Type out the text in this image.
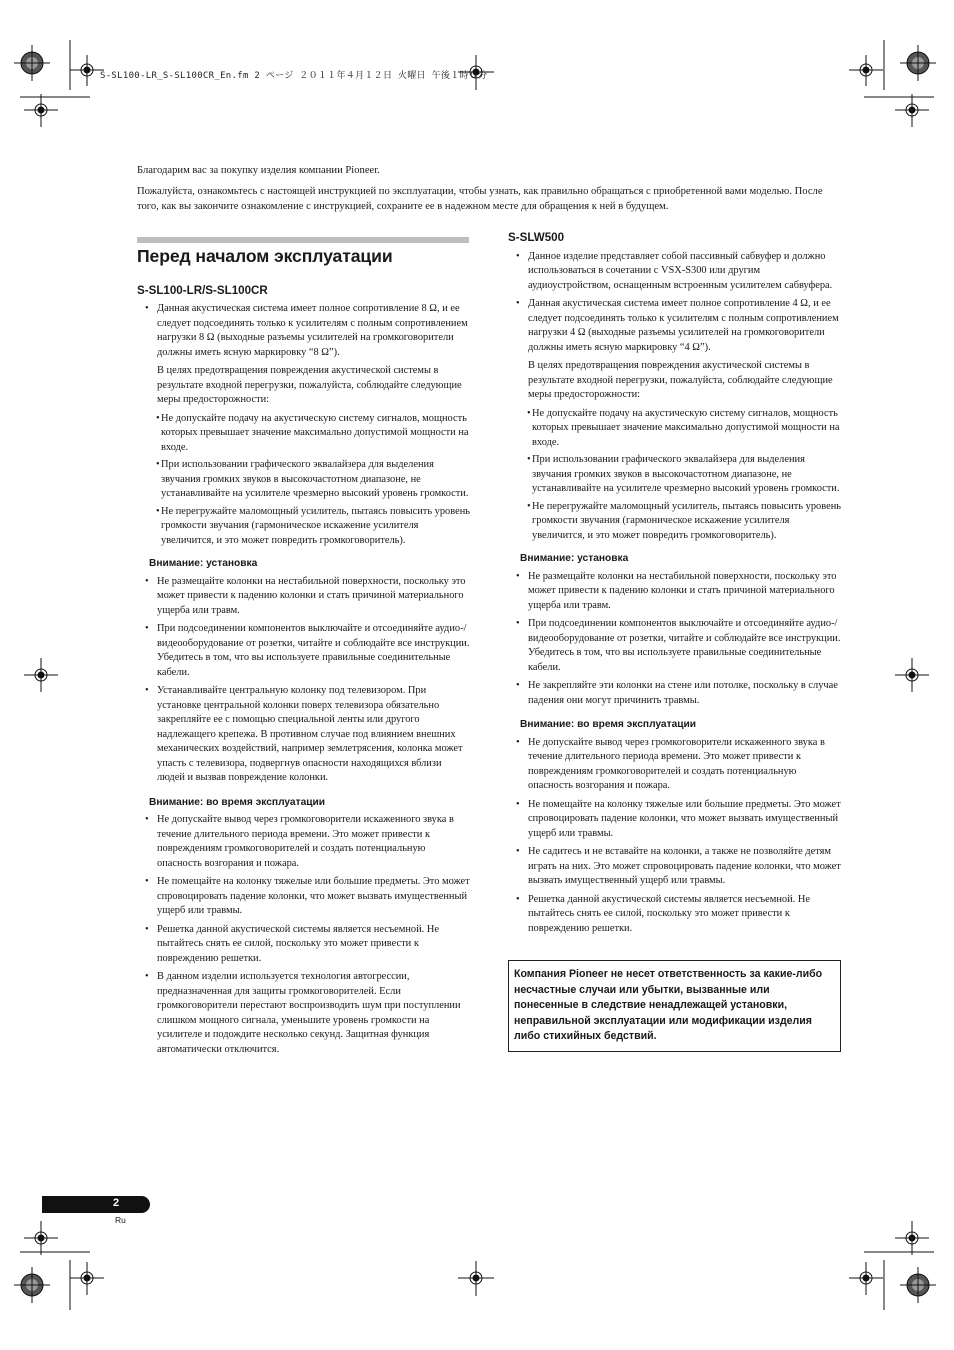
S-SL100-LR_S-SL100CR_En.fm 2 ページ ２０１１年４月１２日 火曜日 午後１時０分

Благодарим вас за покупку изделия компании Pioneer.

Пожалуйста, ознакомьтесь с настоящей инструкцией по эксплуатации, чтобы узнать, как правильно обращаться с приобретенной вами моделью. После того, как вы закончите ознакомление с инструкцией, сохраните ее в надежном месте для обращения к ней в будущем.

Перед началом эксплуатации
S-SL100-LR/S-SL100CR
• Данная акустическая система имеет полное сопротивление 8 Ω, и ее следует подсоединять только к усилителям с полным сопротивлением нагрузки 8 Ω (выходные разъемы усилителей на громкоговорители должны иметь ясную маркировку “8 Ω”).

В целях предотвращения повреждения акустической системы в результате входной перегрузки, пожалуйста, соблюдайте следующие меры предосторожности:

• Не допускайте подачу на акустическую систему сигналов, мощность которых превышает значение максимально допустимой мощности на входе.
• При использовании графического эквалайзера для выделения звучания громких звуков в высокочастотном диапазоне, не устанавливайте на усилителе чрезмерно высокий уровень громкости.
• Не перегружайте маломощный усилитель, пытаясь повысить уровень громкости звучания (гармоническое искажение усилителя увеличится, и это может повредить громкоговоритель).
Внимание: установка
• Не размещайте колонки на нестабильной поверхности, поскольку это может привести к падению колонки и стать причиной материального ущерба или травм.
• При подсоединении компонентов выключайте и отсоединяйте аудио-/видеооборудование от розетки, читайте и соблюдайте все инструкции. Убедитесь в том, что вы используете правильные соединительные кабели.
• Устанавливайте центральную колонку под телевизором. При установке центральной колонки поверх телевизора обязательно закрепляйте ее с помощью специальной ленты или другого надлежащего крепежа. В противном случае под влиянием внешних механических воздействий, например землетрясения, колонка может упасть с телевизора, подвергнув опасности находящихся вблизи людей и вызвав повреждение колонки.
Внимание: во время эксплуатации
• Не допускайте вывод через громкоговорители искаженного звука в течение длительного периода времени. Это может привести к повреждениям громкоговорителей и создать потенциальную опасность возгорания и пожара.
• Не помещайте на колонку тяжелые или большие предметы. Это может спровоцировать падение колонки, что может вызвать имущественный ущерб или травмы.
• Решетка данной акустической системы является несъемной. Не пытайтесь снять ее силой, поскольку это может привести к повреждению решетки.
• В данном изделии используется технология автогрессии, предназначенная для защиты громкоговорителей. Если громкоговорители перестают воспроизводить шум при поступлении слишком мощного сигнала, уменьшите уровень громкости на усилителе и подождите несколько секунд. Защитная функция автоматически отключится.
S-SLW500
• Данное изделие представляет собой пассивный сабвуфер и должно использоваться в сочетании с VSX-S300 или другим аудиоустройством, оснащенным встроенным усилителем сабвуфера.
• Данная акустическая система имеет полное сопротивление 4 Ω, и ее следует подсоединять только к усилителям с полным сопротивлением нагрузки 4 Ω (выходные разъемы усилителей на громкоговорители должны иметь ясную маркировку “4 Ω”).

В целях предотвращения повреждения акустической системы в результате входной перегрузки, пожалуйста, соблюдайте следующие меры предосторожности:

• Не допускайте подачу на акустическую систему сигналов, мощность которых превышает значение максимально допустимой мощности на входе.
• При использовании графического эквалайзера для выделения звучания громких звуков в высокочастотном диапазоне, не устанавливайте на усилителе чрезмерно высокий уровень громкости.
• Не перегружайте маломощный усилитель, пытаясь повысить уровень громкости звучания (гармоническое искажение усилителя увеличится, и это может повредить громкоговоритель).
Внимание: установка
• Не размещайте колонки на нестабильной поверхности, поскольку это может привести к падению колонки и стать причиной материального ущерба или травм.
• При подсоединении компонентов выключайте и отсоединяйте аудио-/видеооборудование от розетки, читайте и соблюдайте все инструкции. Убедитесь в том, что вы используете правильные соединительные кабели.
• Не закрепляйте эти колонки на стене или потолке, поскольку в случае падения они могут причинить травмы.
Внимание: во время эксплуатации
• Не допускайте вывод через громкоговорители искаженного звука в течение длительного периода времени. Это может привести к повреждениям громкоговорителей и создать потенциальную опасность возгорания и пожара.
• Не помещайте на колонку тяжелые или большие предметы. Это может спровоцировать падение колонки, что может вызвать имущественный ущерб или травмы.
• Не садитесь и не вставайте на колонки, а также не позволяйте детям играть на них. Это может спровоцировать падение колонки, что может вызвать имущественный ущерб или травмы.
• Решетка данной акустической системы является несъемной. Не пытайтесь снять ее силой, поскольку это может привести к повреждению решетки.
Компания Pioneer не несет ответственность за какие-либо несчастные случаи или убытки, вызванные или понесенные в следствие ненадлежащей установки, неправильной эксплуатации или модификации изделия либо стихийных бедствий.
2
Ru
